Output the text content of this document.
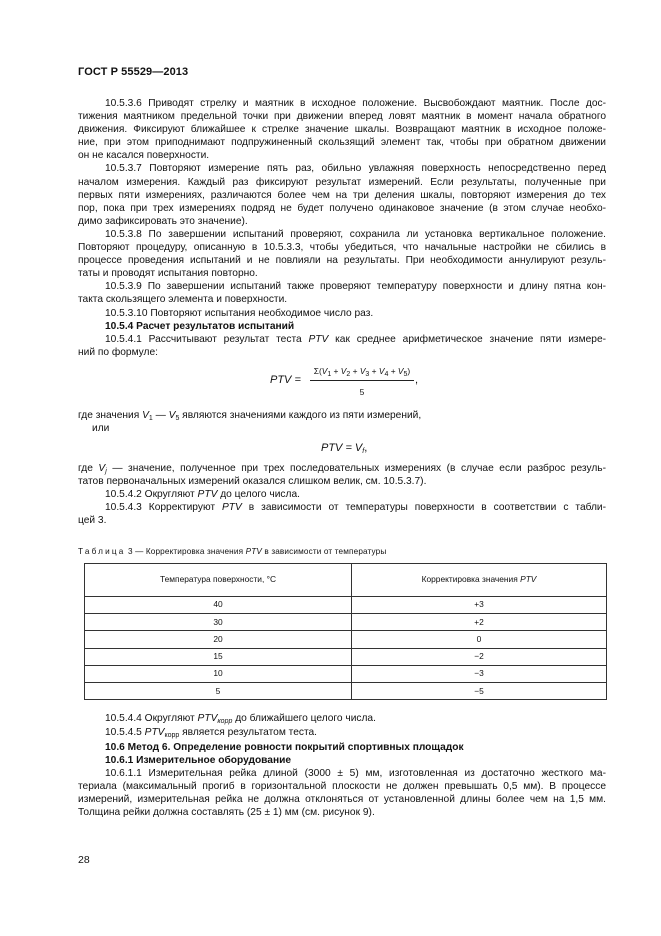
ГОСТ Р 55529—2013
10.5.3.6 Приводят стрелку и маятник в исходное положение. Высвобождают маятник. После дос-
тижения маятником предельной точки при движении вперед ловят маятник в момент начала обратного
движения. Фиксируют ближайшее к стрелке значение шкалы. Возвращают маятник в исходное положе-
ние, при этом приподнимают подпружиненный скользящий элемент так, чтобы при обратном движении
он не касался поверхности.
10.5.3.7 Повторяют измерение пять раз, обильно увлажняя поверхность непосредственно перед
началом измерения. Каждый раз фиксируют результат измерений. Если результаты, полученные при
первых пяти измерениях, различаются более чем на три деления шкалы, повторяют измерения до тех
пор, пока при трех измерениях подряд не будет получено одинаковое значение (в этом случае необхо-
димо зафиксировать это значение).
10.5.3.8 По завершении испытаний проверяют, сохранила ли установка вертикальное положение.
Повторяют процедуру, описанную в 10.5.3.3, чтобы убедиться, что начальные настройки не сбились в
процессе проведения испытаний и не повлияли на результаты. При необходимости аннулируют резуль-
таты и проводят испытания повторно.
10.5.3.9 По завершении испытаний также проверяют температуру поверхности и длину пятна кон-
такта скользящего элемента и поверхности.
10.5.3.10 Повторяют испытания необходимое число раз.
10.5.4 Расчет результатов испытаний
10.5.4.1 Рассчитывают результат теста PTV как среднее арифметическое значение пяти измере-
ний по формуле:
PTV = $\frac{\Sigma(V_1 + V_2 + V_3 + V_4 + V_5)}{5}$ ,
где значения $V_1$ — $V_5$ являются значениями каждого из пяти измерений,
или
PTV = $V_f$,
где $V_j$ — значение, полученное при трех последовательных измерениях (в случае если разброс резуль-
татов первоначальных измерений оказался слишком велик, см. 10.5.3.7).
10.5.4.2 Округляют PTV до целого числа.
10.5.4.3 Корректируют PTV в зависимости от температуры поверхности в соответствии с табли-
цей 3.
Таблица 3 — Корректировка значения PTV в зависимости от температуры
Температура поверхности, °С	Корректировка значения PTV
40	+3
30	+2
20	0
15	−2
10	−3
5	−5
10.5.4.4 Округляют $PTV_{корр}$ до ближайшего целого числа.
10.5.4.5 $PTV_{корр}$ является результатом теста.
10.6 Метод 6. Определение ровности покрытий спортивных площадок
10.6.1 Измерительное оборудование
10.6.1.1 Измерительная рейка длиной (3000 ± 5) мм, изготовленная из достаточно жесткого ма-
териала (максимальный прогиб в горизонтальной плоскости не должен превышать 0,5 мм). В процессе
измерений, измерительная рейка не должна отклоняться от установленной длины более чем на 1,5 мм.
Толщина рейки должна составлять (25 ± 1) мм (см. рисунок 9).
28
